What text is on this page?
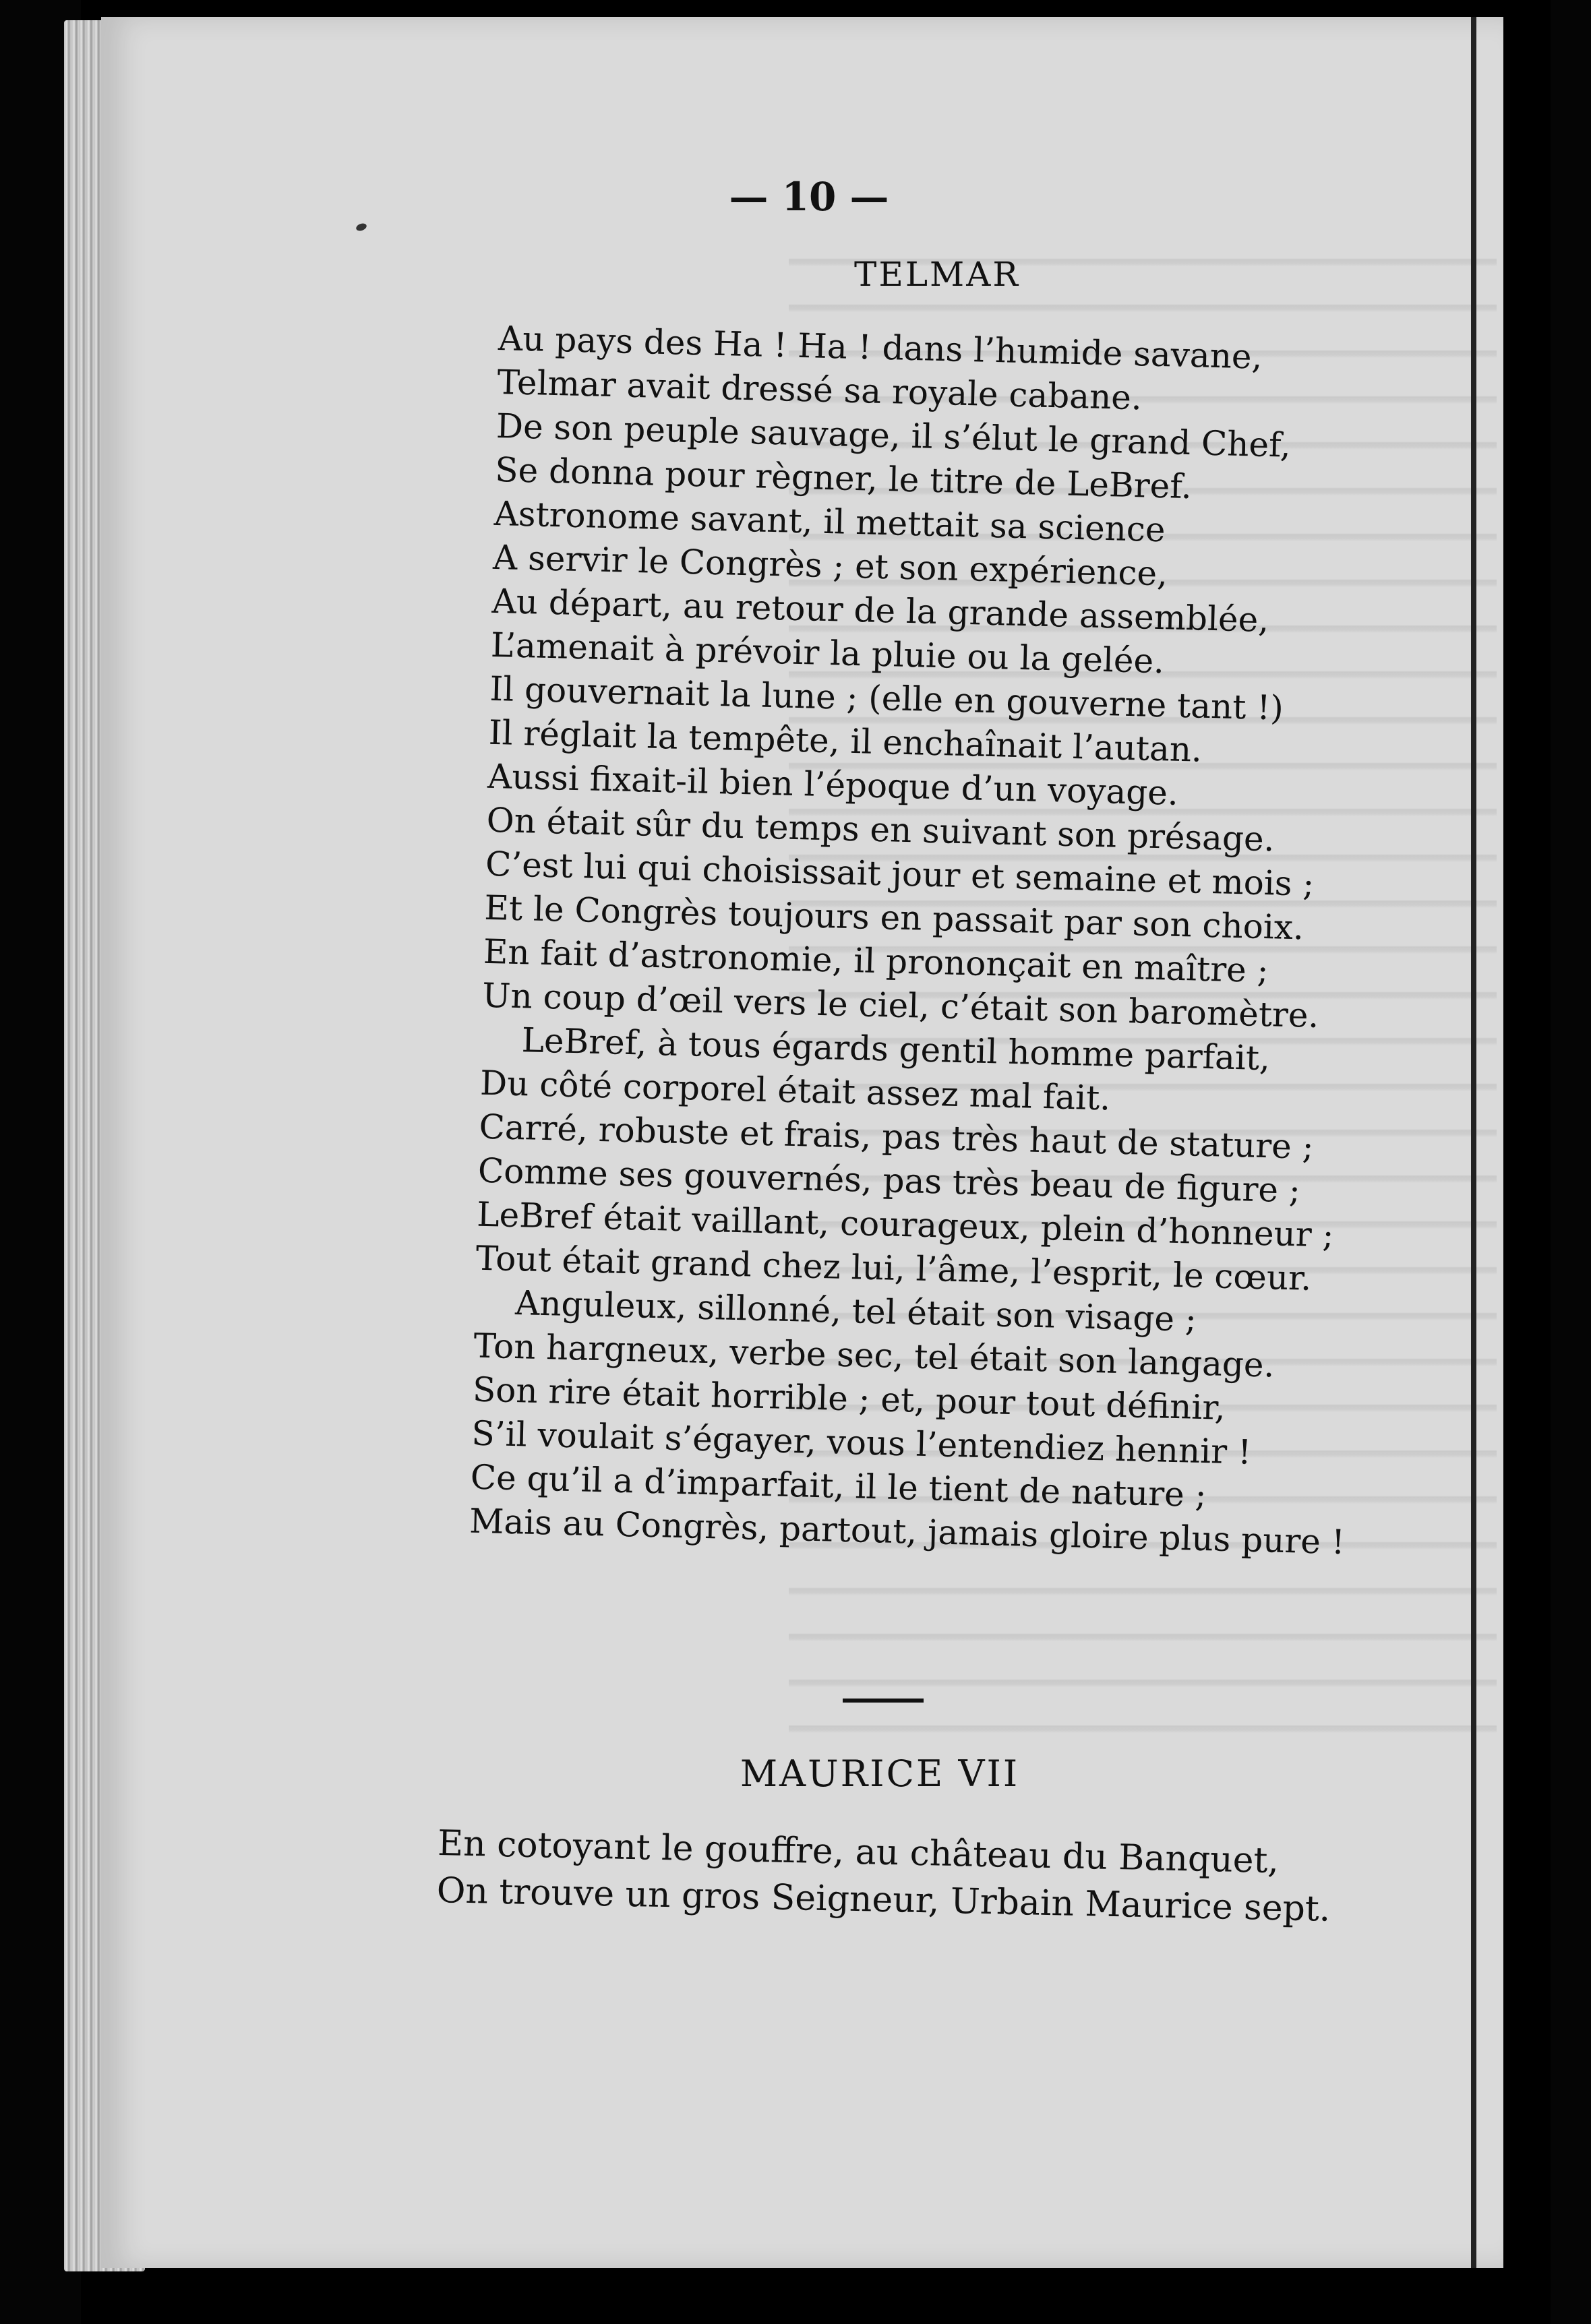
— 10 —
TELMAR
Au pays des Ha ! Ha ! dans l’humide savane,
Telmar avait dressé sa royale cabane.
De son peuple sauvage, il s’élut le grand Chef,
Se donna pour règner, le titre de LeBref.
Astronome savant, il mettait sa science
A servir le Congrès ; et son expérience,
Au départ, au retour de la grande assemblée,
L’amenait à prévoir la pluie ou la gelée.
Il gouvernait la lune ; (elle en gouverne tant !)
Il réglait la tempête, il enchaînait l’autan.
Aussi fixait-il bien l’époque d’un voyage.
On était sûr du temps en suivant son présage.
C’est lui qui choisissait jour et semaine et mois ;
Et le Congrès toujours en passait par son choix.
En fait d’astronomie, il prononçait en maître ;
Un coup d’œil vers le ciel, c’était son baromètre.
LeBref, à tous égards gentil homme parfait,
Du côté corporel était assez mal fait.
Carré, robuste et frais, pas très haut de stature ;
Comme ses gouvernés, pas très beau de figure ;
LeBref était vaillant, courageux, plein d’honneur ;
Tout était grand chez lui, l’âme, l’esprit, le cœur.
Anguleux, sillonné, tel était son visage ;
Ton hargneux, verbe sec, tel était son langage.
Son rire était horrible ; et, pour tout définir,
S’il voulait s’égayer, vous l’entendiez hennir !
Ce qu’il a d’imparfait, il le tient de nature ;
Mais au Congrès, partout, jamais gloire plus pure !
MAURICE VII
En cotoyant le gouffre, au château du Banquet,
On trouve un gros Seigneur, Urbain Maurice sept.
